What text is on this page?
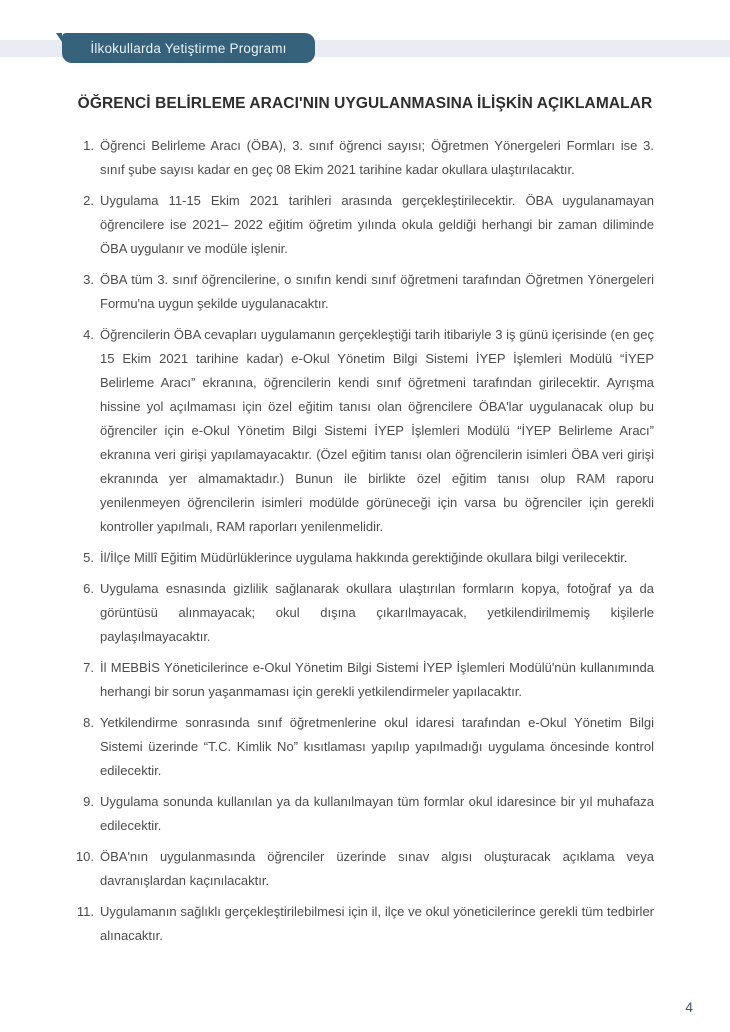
İlkokullarda Yetiştirme Programı
ÖĞRENCİ BELİRLEME ARACI'NIN UYGULANMASINA İLİŞKİN AÇIKLAMALAR
1. Öğrenci Belirleme Aracı (ÖBA), 3. sınıf öğrenci sayısı; Öğretmen Yönergeleri Formları ise 3. sınıf şube sayısı kadar en geç 08 Ekim 2021 tarihine kadar okullara ulaştırılacaktır.

2. Uygulama 11-15 Ekim 2021 tarihleri arasında gerçekleştirilecektir. ÖBA uygulanamayan öğrencilere ise 2021– 2022 eğitim öğretim yılında okula geldiği herhangi bir zaman diliminde ÖBA uygulanır ve modüle işlenir.

3. ÖBA tüm 3. sınıf öğrencilerine, o sınıfın kendi sınıf öğretmeni tarafından Öğretmen Yönergeleri Formu'na uygun şekilde uygulanacaktır.

4. Öğrencilerin ÖBA cevapları uygulamanın gerçekleştiği tarih itibariyle 3 iş günü içerisinde (en geç 15 Ekim 2021 tarihine kadar) e-Okul Yönetim Bilgi Sistemi İYEP İşlemleri Modülü “İYEP Belirleme Aracı” ekranına, öğrencilerin kendi sınıf öğretmeni tarafından girilecektir. Ayrışma hissine yol açılmaması için özel eğitim tanısı olan öğrencilere ÖBA'lar uygulanacak olup bu öğrenciler için e-Okul Yönetim Bilgi Sistemi İYEP İşlemleri Modülü “İYEP Belirleme Aracı” ekranına veri girişi yapılamayacaktır. (Özel eğitim tanısı olan öğrencilerin isimleri ÖBA veri girişi ekranında yer almamaktadır.) Bunun ile birlikte özel eğitim tanısı olup RAM raporu yenilenmeyen öğrencilerin isimleri modülde görüneceği için varsa bu öğrenciler için gerekli kontroller yapılmalı, RAM raporları yenilenmelidir.

5. İl/İlçe Millî Eğitim Müdürlüklerince uygulama hakkında gerektiğinde okullara bilgi verilecektir.

6. Uygulama esnasında gizlilik sağlanarak okullara ulaştırılan formların kopya, fotoğraf ya da görüntüsü alınmayacak; okul dışına çıkarılmayacak, yetkilendirilmemiş kişilerle paylaşılmayacaktır.

7. İl MEBBİS Yöneticilerince e-Okul Yönetim Bilgi Sistemi İYEP İşlemleri Modülü'nün kullanımında herhangi bir sorun yaşanmaması için gerekli yetkilendirmeler yapılacaktır.

8. Yetkilendirme sonrasında sınıf öğretmenlerine okul idaresi tarafından e-Okul Yönetim Bilgi Sistemi üzerinde “T.C. Kimlik No” kısıtlaması yapılıp yapılmadığı uygulama öncesinde kontrol edilecektir.

9. Uygulama sonunda kullanılan ya da kullanılmayan tüm formlar okul idaresince bir yıl muhafaza edilecektir.

10. ÖBA'nın uygulanmasında öğrenciler üzerinde sınav algısı oluşturacak açıklama veya davranışlardan kaçınılacaktır.

11. Uygulamanın sağlıklı gerçekleştirilebilmesi için il, ilçe ve okul yöneticilerince gerekli tüm tedbirler alınacaktır.

4
